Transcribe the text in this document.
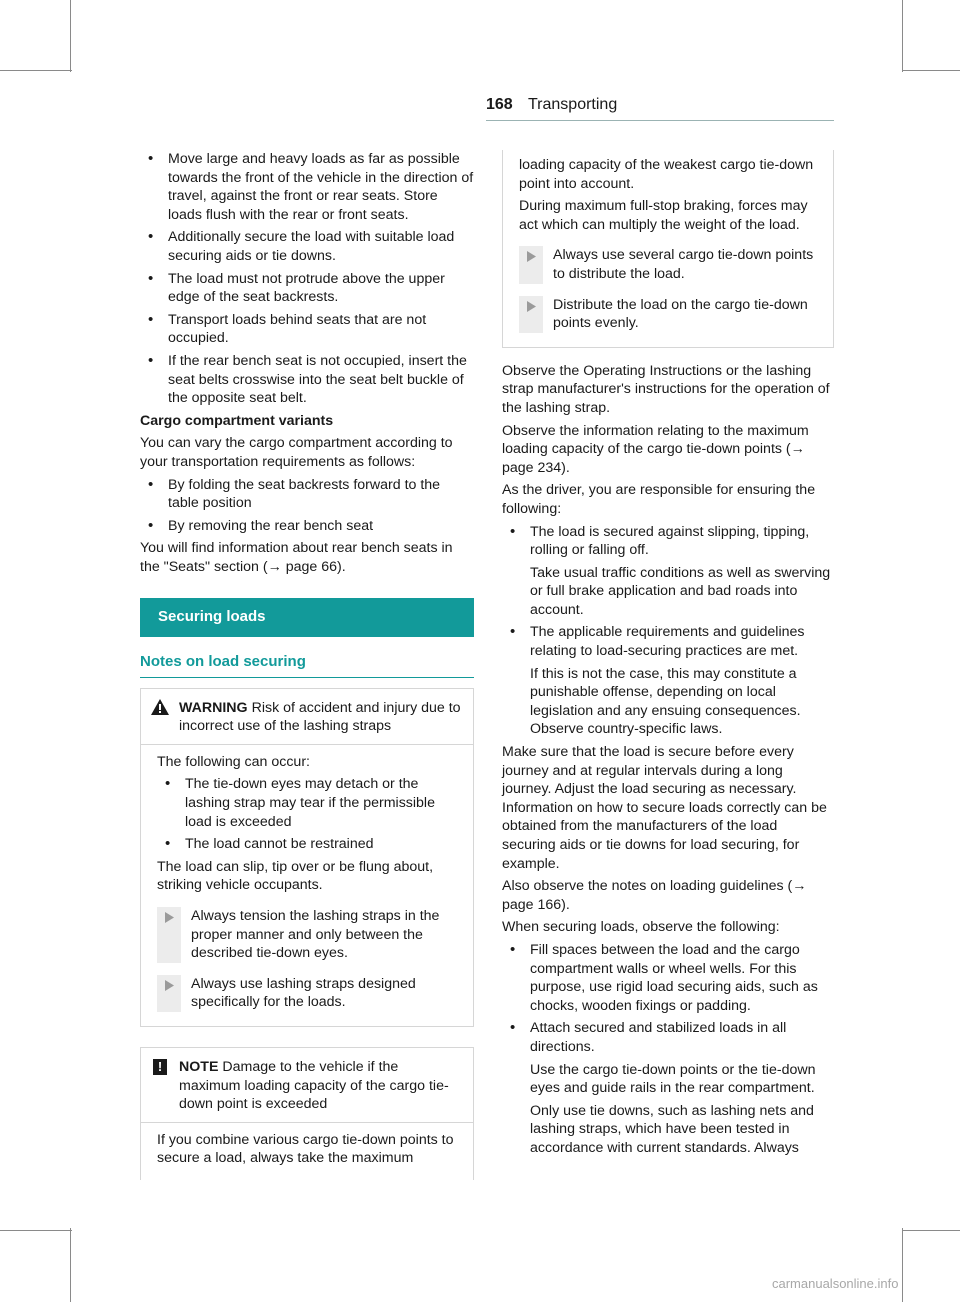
168 Transporting
• Move large and heavy loads as far as possible towards the front of the vehicle in the direction of travel, against the front or rear seats. Store loads flush with the rear or front seats.
• Additionally secure the load with suitable load securing aids or tie downs.
• The load must not protrude above the upper edge of the seat backrests.
• Transport loads behind seats that are not occupied.
• If the rear bench seat is not occupied, insert the seat belts crosswise into the seat belt buckle of the opposite seat belt.
Cargo compartment variants

You can vary the cargo compartment according to your transportation requirements as follows:

• By folding the seat backrests forward to the table position
• By removing the rear bench seat

You will find information about rear bench seats in the "Seats" section (→ page 66).

Securing loads
Notes on load securing
WARNING Risk of accident and injury due to incorrect use of the lashing straps

The following can occur:

• The tie-down eyes may detach or the lashing strap may tear if the permissible load is exceeded
• The load cannot be restrained

The load can slip, tip over or be flung about, striking vehicle occupants.

Always tension the lashing straps in the proper manner and only between the described tie-down eyes.
Always use lashing straps designed specifically for the loads.
!	NOTE Damage to the vehicle if the maximum loading capacity of the cargo tie-down point is exceeded

If you combine various cargo tie-down points to secure a load, always take the maximum

loading capacity of the weakest cargo tie-down point into account.

During maximum full-stop braking, forces may act which can multiply the weight of the load.

Always use several cargo tie-down points to distribute the load.
Distribute the load on the cargo tie-down points evenly.

Observe the Operating Instructions or the lashing strap manufacturer's instructions for the operation of the lashing strap.

Observe the information relating to the maximum loading capacity of the cargo tie-down points (→ page 234).

As the driver, you are responsible for ensuring the following:

• The load is secured against slipping, tipping, rolling or falling off.
Take usual traffic conditions as well as swerving or full brake application and bad roads into account.
• The applicable requirements and guidelines relating to load-securing practices are met.
If this is not the case, this may constitute a punishable offense, depending on local legislation and any ensuing consequences. Observe country-specific laws.

Make sure that the load is secure before every journey and at regular intervals during a long journey. Adjust the load securing as necessary. Information on how to secure loads correctly can be obtained from the manufacturers of the load securing aids or tie downs for load securing, for example.

Also observe the notes on loading guidelines (→ page 166).

When securing loads, observe the following:

• Fill spaces between the load and the cargo compartment walls or wheel wells. For this purpose, use rigid load securing aids, such as chocks, wooden fixings or padding.
• Attach secured and stabilized loads in all directions.
Use the cargo tie-down points or the tie-down eyes and guide rails in the rear compartment.
Only use tie downs, such as lashing nets and lashing straps, which have been tested in accordance with current standards. Always
carmanualsonline.info
